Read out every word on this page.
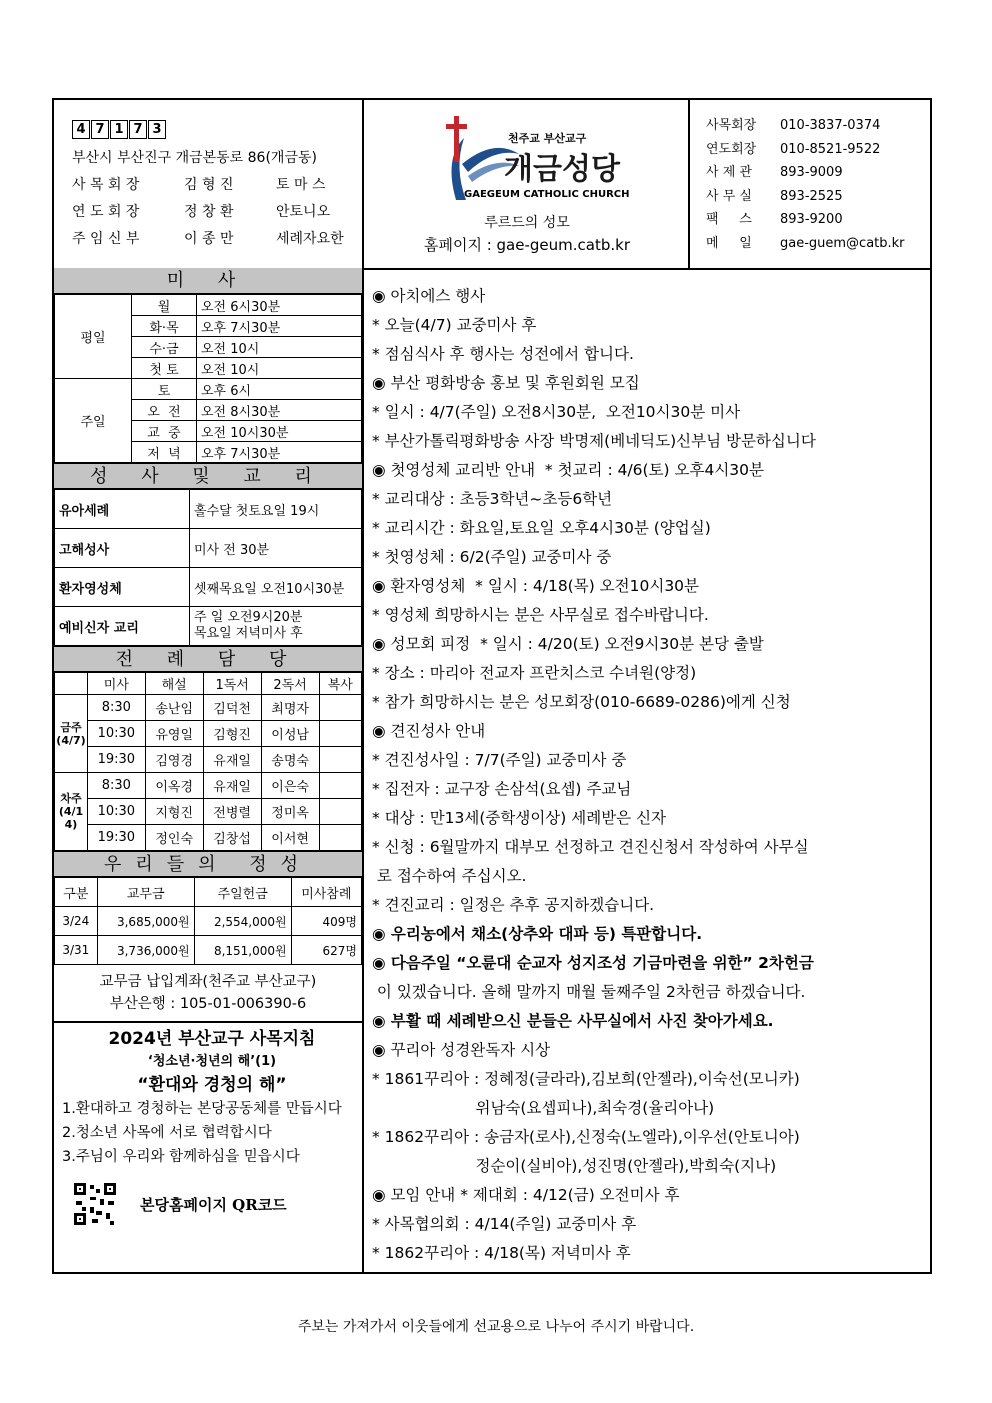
4 7 1 7 3
부산시 부산진구 개금본동로 86(개금동)
사 목 회 장	김 형 진	토 마 스
연 도 회 장	정 창 환	안토니오
주 임 신 부	이 종 만	세례자요한
천주교 부산교구
개금성당
GAEGEUM CATHOLIC CHURCH
루르드의 성모
홈페이지 : gae-geum.catb.kr
사목회장 010-3837-0374
연도회장 010-8521-9522
사 제 관 893-9009
사 무 실 893-2525
팩     스 893-9200
메     일 gae-guem@catb.kr
미 사
평일	월	오전 6시30분
	화·목	오후 7시30분
	수·금	오전 10시
	첫 토	오전 10시
주일	토	오후 6시
	오  전	오전 8시30분
	교  중	오전 10시30분
	저  녁	오후 7시30분
성 사 및 교 리
유아세례	홀수달 첫토요일 19시
고해성사	미사 전 30분
환자영성체	셋째목요일 오전10시30분
예비신자 교리	주 일 오전9시20분
목요일 저녁미사 후
전 례 담 당
	미사	해설	1독서	2독서	복사
금주(4/7)	8:30	송난임	김덕천	최명자	
	10:30	유영일	김형진	이성남	
	19:30	김영경	유재일	송명숙	
차주(4/14)	8:30	이옥경	유재일	이은숙	
	10:30	지형진	전병렬	정미옥	
	19:30	정인숙	김창섭	이서현	
우리들의 정성
구분	교무금	주일헌금	미사참례
3/24	3,685,000원	2,554,000원	409명
3/31	3,736,000원	8,151,000원	627명
교무금 납입계좌(천주교 부산교구)
부산은행 : 105-01-006390-6
2024년 부산교구 사목지침
‘청소년·청년의 해’(1)
“환대와 경청의 해”
1.환대하고 경청하는 본당공동체를 만듭시다
2.청소년 사목에 서로 협력합시다
3.주님이 우리와 함께하심을 믿읍시다
본당홈페이지 QR코드
◉ 아치에스 행사
* 오늘(4/7) 교중미사 후
* 점심식사 후 행사는 성전에서 합니다.
◉ 부산 평화방송 홍보 및 후원회원 모집
* 일시 : 4/7(주일) 오전8시30분,  오전10시30분 미사
* 부산가톨릭평화방송 사장 박명제(베네딕도)신부님 방문하십니다
◉ 첫영성체 교리반 안내  * 첫교리 : 4/6(토) 오후4시30분
* 교리대상 : 초등3학년~초등6학년
* 교리시간 : 화요일,토요일 오후4시30분 (양업실)
* 첫영성체 : 6/2(주일) 교중미사 중
◉ 환자영성체  * 일시 : 4/18(목) 오전10시30분
* 영성체 희망하시는 분은 사무실로 접수바랍니다.
◉ 성모회 피정  * 일시 : 4/20(토) 오전9시30분 본당 출발
* 장소 : 마리아 전교자 프란치스코 수녀원(양정)
* 참가 희망하시는 분은 성모회장(010-6689-0286)에게 신청
◉ 견진성사 안내
* 견진성사일 : 7/7(주일) 교중미사 중
* 집전자 : 교구장 손삼석(요셉) 주교님
* 대상 : 만13세(중학생이상) 세례받은 신자
* 신청 : 6월말까지 대부모 선정하고 견진신청서 작성하여 사무실
로 접수하여 주십시오.
* 견진교리 : 일정은 추후 공지하겠습니다.
◉ 우리농에서 채소(상추와 대파 등) 특판합니다.
◉ 다음주일 “오륜대 순교자 성지조성 기금마련을 위한” 2차헌금
이 있겠습니다. 올해 말까지 매월 둘째주일 2차헌금 하겠습니다.
◉ 부활 때 세례받으신 분들은 사무실에서 사진 찾아가세요.
◉ 꾸리아 성경완독자 시상
* 1861꾸리아 : 정혜정(글라라),김보희(안젤라),이숙선(모니카)
위남숙(요셉피나),최숙경(율리아나)
* 1862꾸리아 : 송금자(로사),신정숙(노엘라),이우선(안토니아)
정순이(실비아),성진명(안젤라),박희숙(지나)
◉ 모임 안내 * 제대회 : 4/12(금) 오전미사 후
* 사목협의회 : 4/14(주일) 교중미사 후
* 1862꾸리아 : 4/18(목) 저녁미사 후
주보는 가져가서 이웃들에게 선교용으로 나누어 주시기 바랍니다.
